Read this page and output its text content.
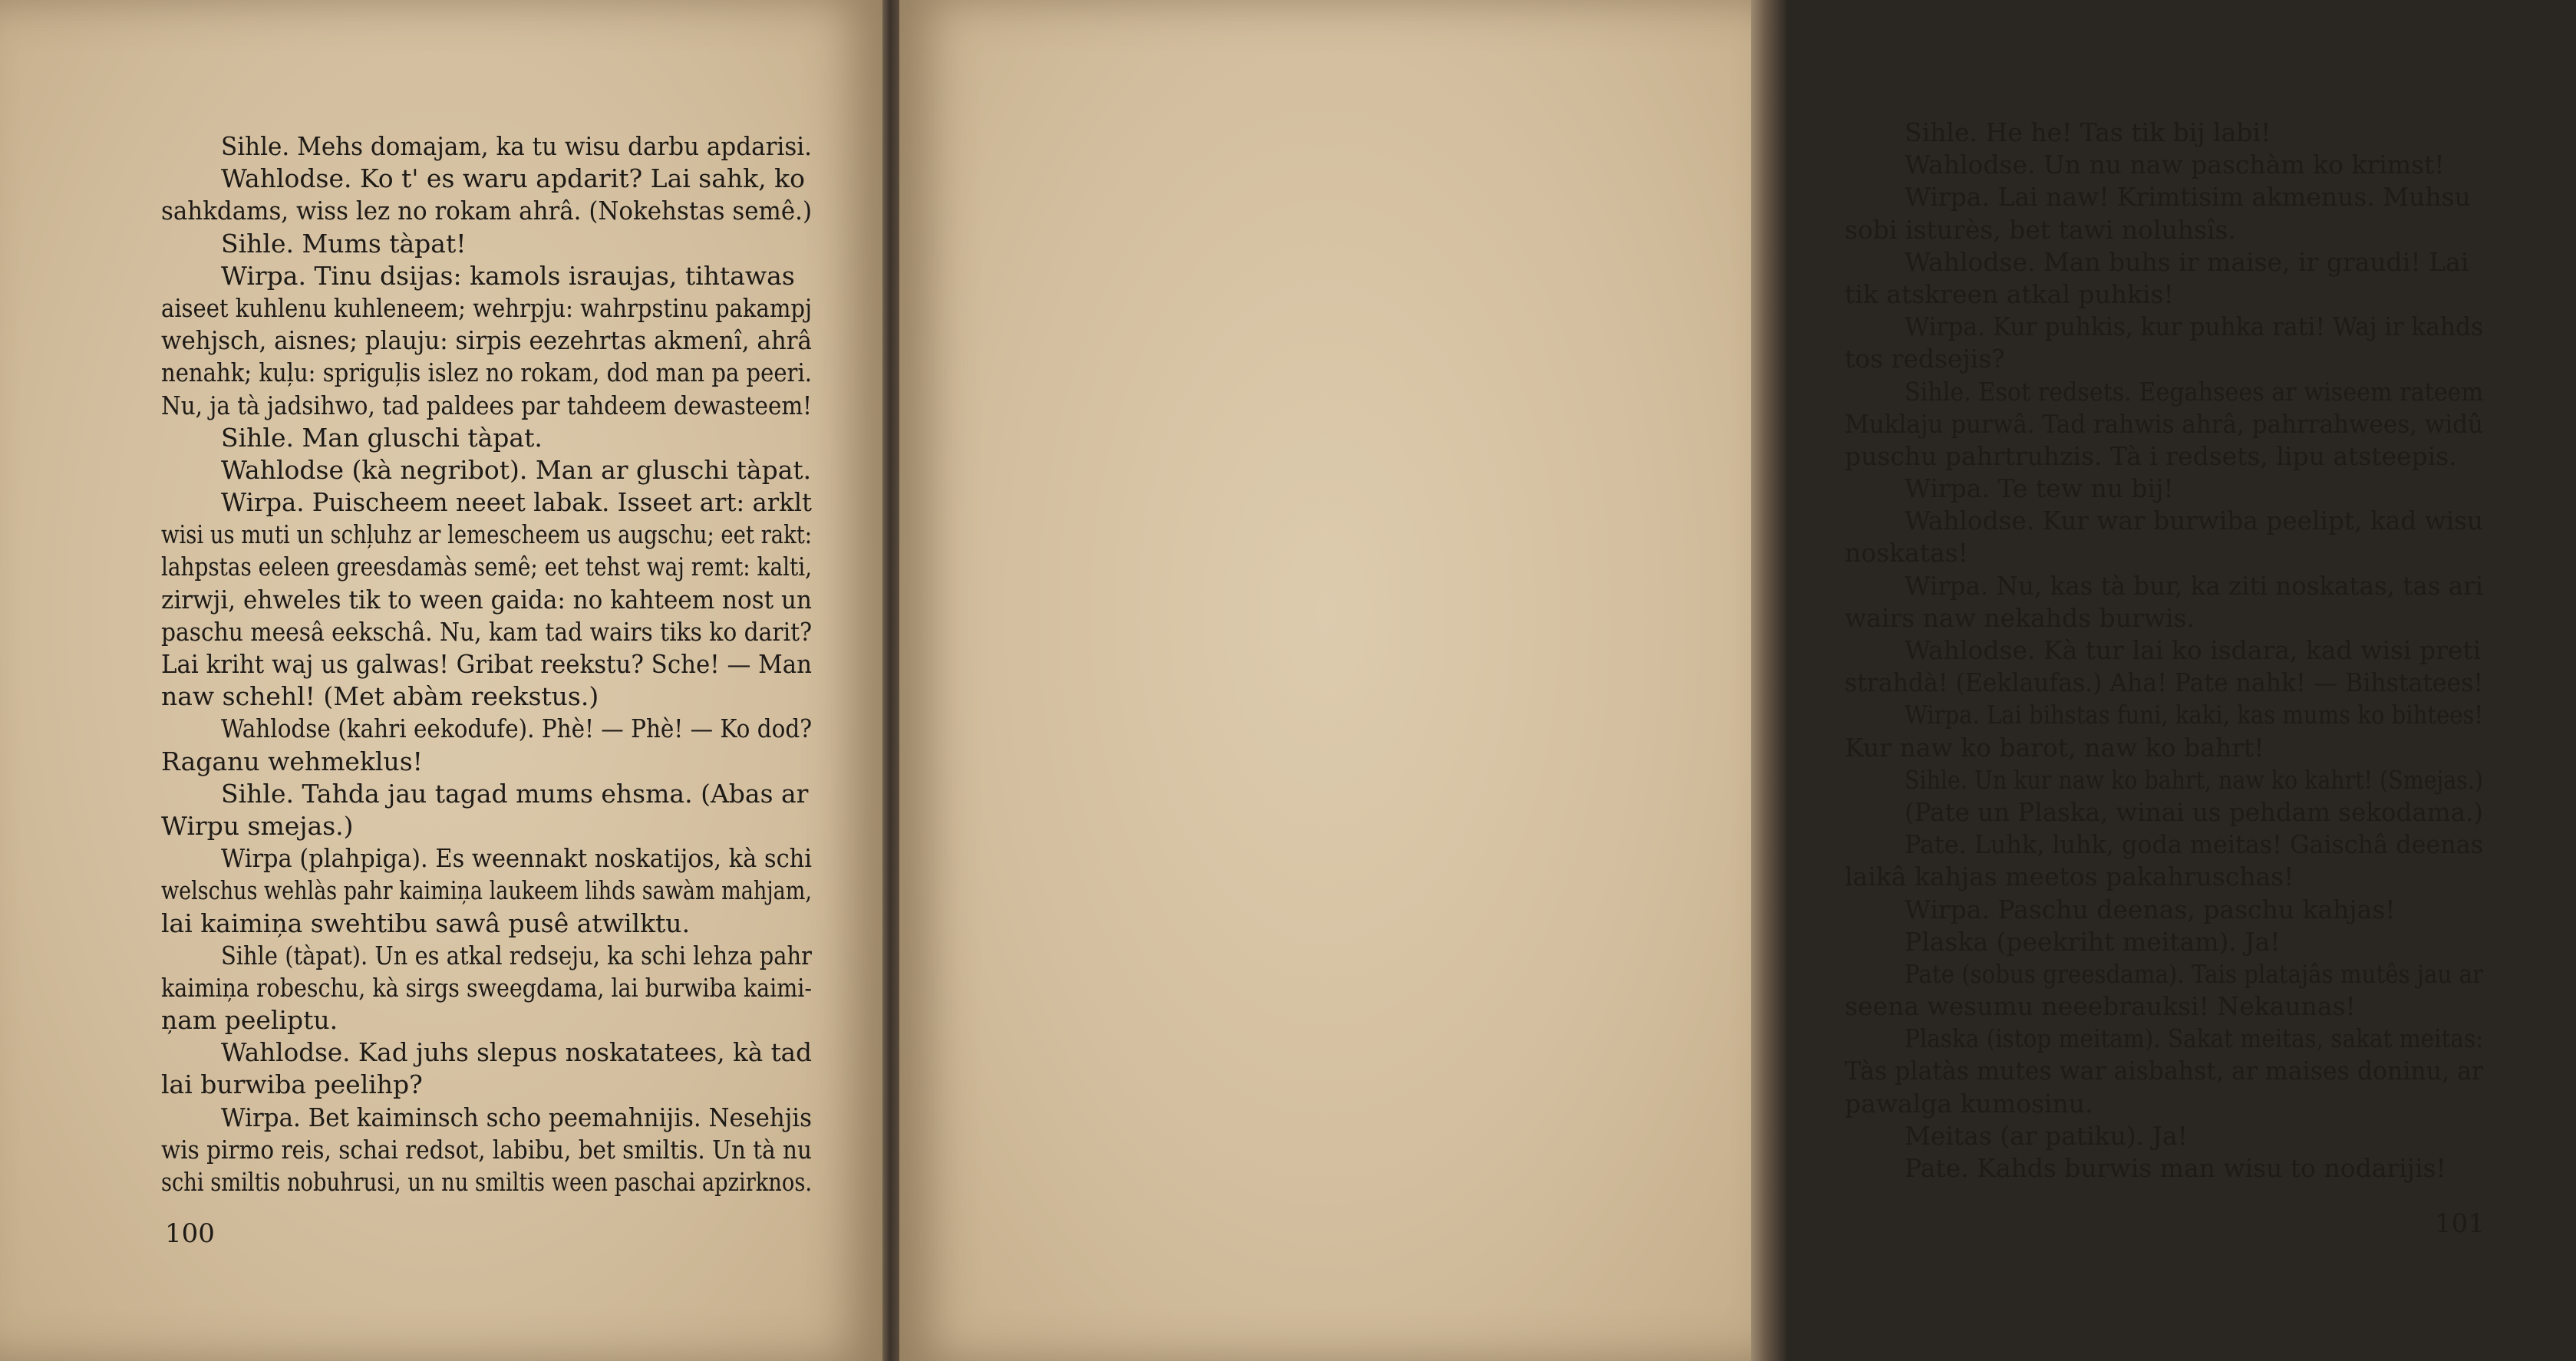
Sihle. Mehs domajam, ka tu wisu darbu apdarisi.
Wahlodse. Ko t' es waru apdarit? Lai sahk, ko
sahkdams, wiss lez no rokam ahrâ. (Nokehstas semê.)
Sihle. Mums tàpat!
Wirpa. Tinu dsijas: kamols israujas, tihtawas
aiseet kuhlenu kuhleneem; wehrpju: wahrpstinu pakampj
wehjsch, aisnes; plauju: sirpis eezehrtas akmenî, ahrâ
nenahk; kuļu: spriguļis islez no rokam, dod man pa peeri.
Nu, ja tà jadsihwo, tad paldees par tahdeem dewasteem!
Sihle. Man gluschi tàpat.
Wahlodse (kà negribot). Man ar gluschi tàpat.
Wirpa. Puischeem neeet labak. Isseet art: arklt
wisi us muti un schļuhz ar lemescheem us augschu; eet rakt:
lahpstas eeleen greesdamàs semê; eet tehst waj remt: kalti,
zirwji, ehweles tik to ween gaida: no kahteem nost un
paschu meesâ eekschâ. Nu, kam tad wairs tiks ko darit?
Lai kriht waj us galwas! Gribat reekstu? Sche! — Man
naw schehl! (Met abàm reekstus.)
Wahlodse (kahri eekodufe). Phè! — Phè! — Ko dod?
Raganu wehmeklus!
Sihle. Tahda jau tagad mums ehsma. (Abas ar
Wirpu smejas.)
Wirpa (plahpiga). Es weennakt noskatijos, kà schi
welschus wehlàs pahr kaimiņa laukeem lihds sawàm mahjam,
lai kaimiņa swehtibu sawâ pusê atwilktu.
Sihle (tàpat). Un es atkal redseju, ka schi lehza pahr
kaimiņa robeschu, kà sirgs sweegdama, lai burwiba kaimi-
ņam peeliptu.
Wahlodse. Kad juhs slepus noskatatees, kà tad
lai burwiba peelihp?
Wirpa. Bet kaiminsch scho peemahnijis. Nesehjis
wis pirmo reis, schai redsot, labibu, bet smiltis. Un tà nu
schi smiltis nobuhrusi, un nu smiltis ween paschai apzirknos.
100
Sihle. He he! Tas tik bij labi!
Wahlodse. Un nu naw paschàm ko krimst!
Wirpa. Lai naw! Krimtisim akmenus. Muhsu
sobi isturès, bet tawi noluhsîs.
Wahlodse. Man buhs ir maise, ir graudi! Lai
tik atskreen atkal puhkis!
Wirpa. Kur puhkis, kur puhka rati! Waj ir kahds
tos redsejis?
Sihle. Esot redsets. Eegahsees ar wiseem rateem
Muklaju purwâ. Tad rahwis ahrâ, pahrrahwees, widû
puschu pahrtruhzis. Tà i redsets, lipu atsteepis.
Wirpa. Te tew nu bij!
Wahlodse. Kur war burwiba peelipt, kad wisu
noskatas!
Wirpa. Nu, kas tà bur, ka ziti noskatas, tas ari
wairs naw nekahds burwis.
Wahlodse. Kà tur lai ko isdara, kad wisi preti
strahdà! (Eeklaufas.) Aha! Pate nahk! — Bihstatees!
Wirpa. Lai bihstas funi, kaki, kas mums ko bihtees!
Kur naw ko barot, naw ko bahrt!
Sihle. Un kur naw ko bahrt, naw ko kahrt! (Smejas.)
(Pate un Plaska, winai us pehdam sekodama.)
Pate. Luhk, luhk, goda meitas! Gaischâ deenas
laikâ kahjas meetos pakahruschas!
Wirpa. Paschu deenas, paschu kahjas!
Plaska (peekriht meitam). Ja!
Pate (sobus greesdama). Tais platajâs mutês jau ar
seena wesumu neeebrauksi! Nekaunas!
Plaska (istop meitam). Sakat meitas, sakat meitas:
Tàs platàs mutes war aisbahst, ar maises doninu, ar
pawalga kumosinu.
Meitas (ar patiku). Ja!
Pate. Kahds burwis man wisu to nodarijis!
101
